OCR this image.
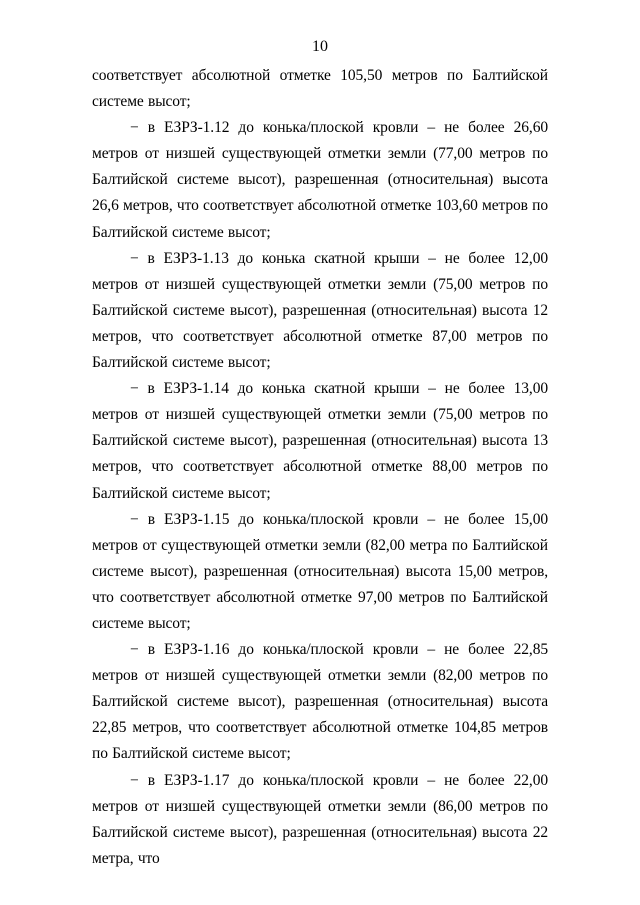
10

соответствует абсолютной отметке 105,50 метров по Балтийской системе высот;

− в ЕЗРЗ-1.12 до конька/плоской кровли – не более 26,60 метров от низшей существующей отметки земли (77,00 метров по Балтийской системе высот), разрешенная (относительная) высота 26,6 метров, что соответствует абсолютной отметке 103,60 метров по Балтийской системе высот;

− в ЕЗРЗ-1.13 до конька скатной крыши – не более 12,00 метров от низшей существующей отметки земли (75,00 метров по Балтийской системе высот), разрешенная (относительная) высота 12 метров, что соответствует абсолютной отметке 87,00 метров по Балтийской системе высот;

− в ЕЗРЗ-1.14 до конька скатной крыши – не более 13,00 метров от низшей существующей отметки земли (75,00 метров по Балтийской системе высот), разрешенная (относительная) высота 13 метров, что соответствует абсолютной отметке 88,00 метров по Балтийской системе высот;

− в ЕЗРЗ-1.15 до конька/плоской кровли – не более 15,00 метров от существующей отметки земли (82,00 метра по Балтийской системе высот), разрешенная (относительная) высота 15,00 метров, что соответствует абсолютной отметке 97,00 метров по Балтийской системе высот;

− в ЕЗРЗ-1.16 до конька/плоской кровли – не более 22,85 метров от низшей существующей отметки земли (82,00 метров по Балтийской системе высот), разрешенная (относительная) высота 22,85 метров, что соответствует абсолютной отметке 104,85 метров по Балтийской системе высот;

− в ЕЗРЗ-1.17 до конька/плоской кровли – не более 22,00 метров от низшей существующей отметки земли (86,00 метров по Балтийской системе высот), разрешенная (относительная) высота 22 метра, что
